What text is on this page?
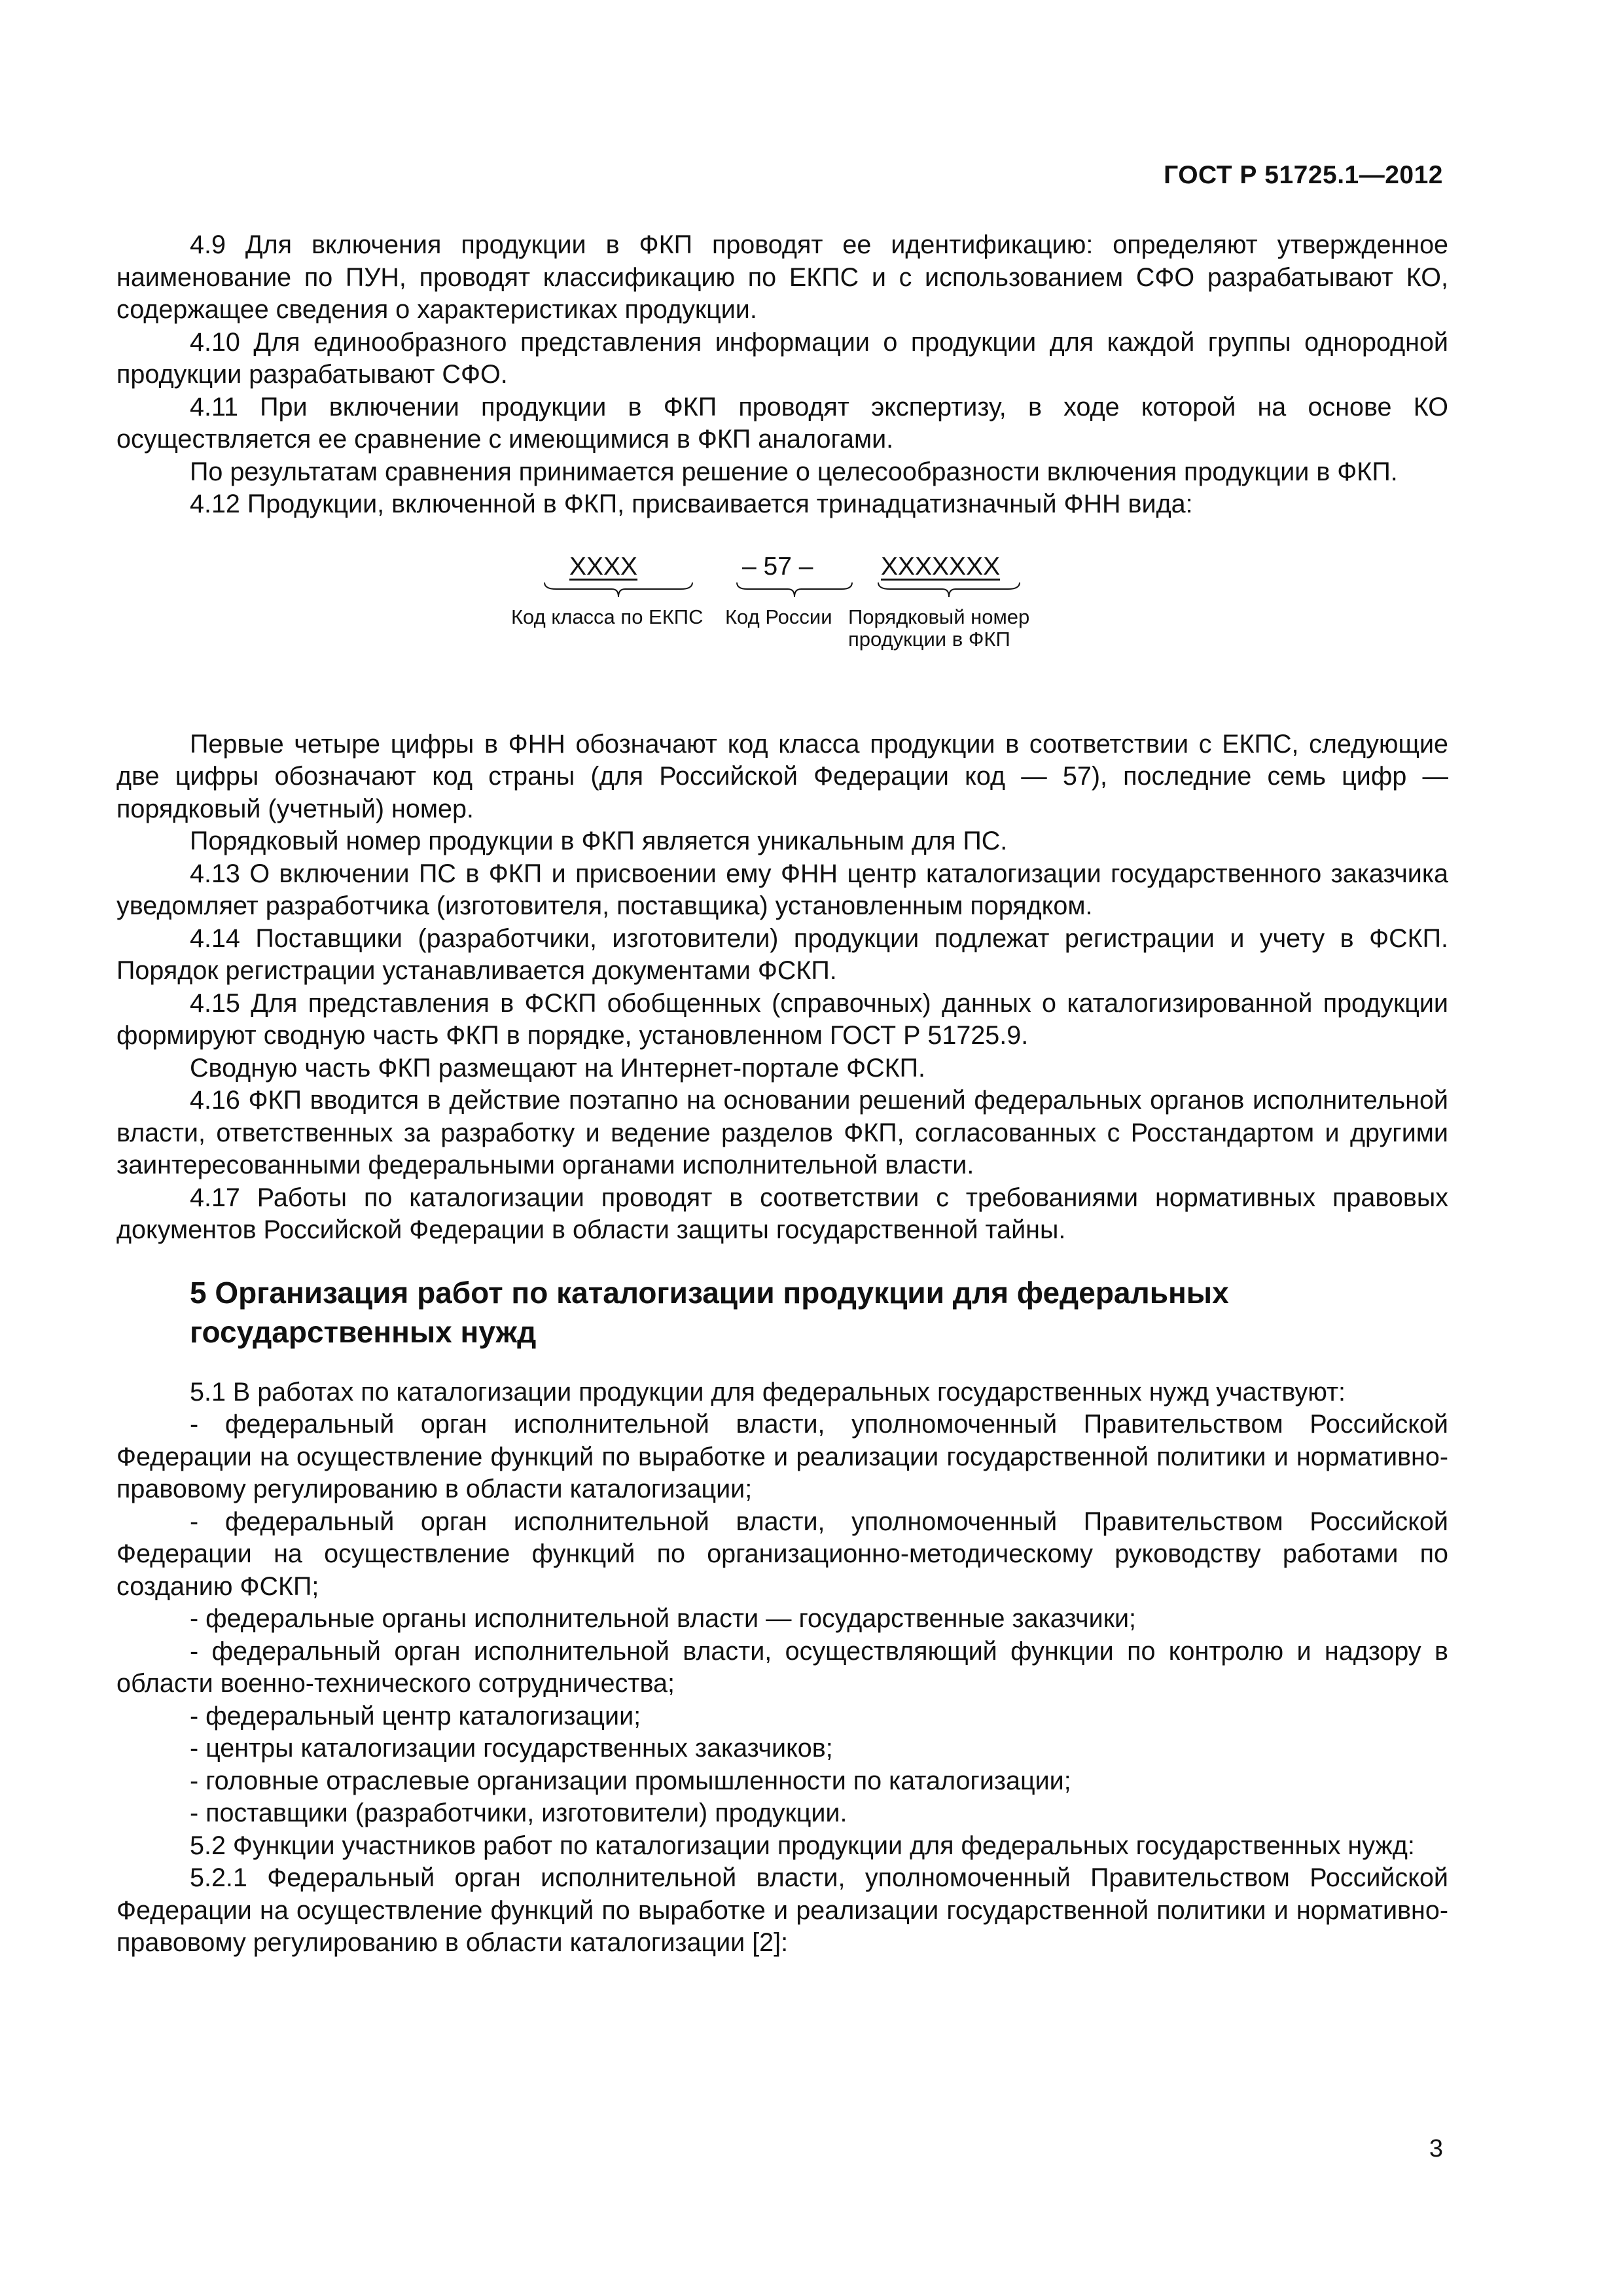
ГОСТ Р 51725.1—2012

4.9 Для включения продукции в ФКП проводят ее идентификацию: определяют утвержденное наименование по ПУН, проводят классификацию по ЕКПС и с использованием СФО разрабатывают КО, содержащее сведения о характеристиках продукции.

4.10 Для единообразного представления информации о продукции для каждой группы однородной продукции разрабатывают СФО.

4.11 При включении продукции в ФКП проводят экспертизу, в ходе которой на основе КО осуществляется ее сравнение с имеющимися в ФКП аналогами.

По результатам сравнения принимается решение о целесообразности включения продукции в ФКП.

4.12 Продукции, включенной в ФКП, присваивается тринадцатизначный ФНН вида:

XXXX	– 57 –	XXXXXXX
Код класса по ЕКПС Код России Порядковый номер
продукции в ФКП

Первые четыре цифры в ФНН обозначают код класса продукции в соответствии с ЕКПС, следующие две цифры обозначают код страны (для Российской Федерации код — 57), последние семь цифр — порядковый (учетный) номер.

Порядковый номер продукции в ФКП является уникальным для ПС.

4.13 О включении ПС в ФКП и присвоении ему ФНН центр каталогизации государственного заказчика уведомляет разработчика (изготовителя, поставщика) установленным порядком.

4.14 Поставщики (разработчики, изготовители) продукции подлежат регистрации и учету в ФСКП. Порядок регистрации устанавливается документами ФСКП.

4.15 Для представления в ФСКП обобщенных (справочных) данных о каталогизированной продукции формируют сводную часть ФКП в порядке, установленном ГОСТ Р 51725.9.

Сводную часть ФКП размещают на Интернет-портале ФСКП.

4.16 ФКП вводится в действие поэтапно на основании решений федеральных органов исполнительной власти, ответственных за разработку и ведение разделов ФКП, согласованных с Росстандартом и другими заинтересованными федеральными органами исполнительной власти.

4.17 Работы по каталогизации проводят в соответствии с требованиями нормативных правовых документов Российской Федерации в области защиты государственной тайны.

5 Организация работ по каталогизации продукции для федеральных
государственных нужд

5.1 В работах по каталогизации продукции для федеральных государственных нужд участвуют:

- федеральный орган исполнительной власти, уполномоченный Правительством Российской Федерации на осуществление функций по выработке и реализации государственной политики и нормативно-правовому регулированию в области каталогизации;

- федеральный орган исполнительной власти, уполномоченный Правительством Российской Федерации на осуществление функций по организационно-методическому руководству работами по созданию ФСКП;

- федеральные органы исполнительной власти — государственные заказчики;

- федеральный орган исполнительной власти, осуществляющий функции по контролю и надзору в области военно-технического сотрудничества;

- федеральный центр каталогизации;

- центры каталогизации государственных заказчиков;

- головные отраслевые организации промышленности по каталогизации;

- поставщики (разработчики, изготовители) продукции.

5.2 Функции участников работ по каталогизации продукции для федеральных государственных нужд:

5.2.1 Федеральный орган исполнительной власти, уполномоченный Правительством Российской Федерации на осуществление функций по выработке и реализации государственной политики и нормативно-правовому регулированию в области каталогизации [2]:

3
